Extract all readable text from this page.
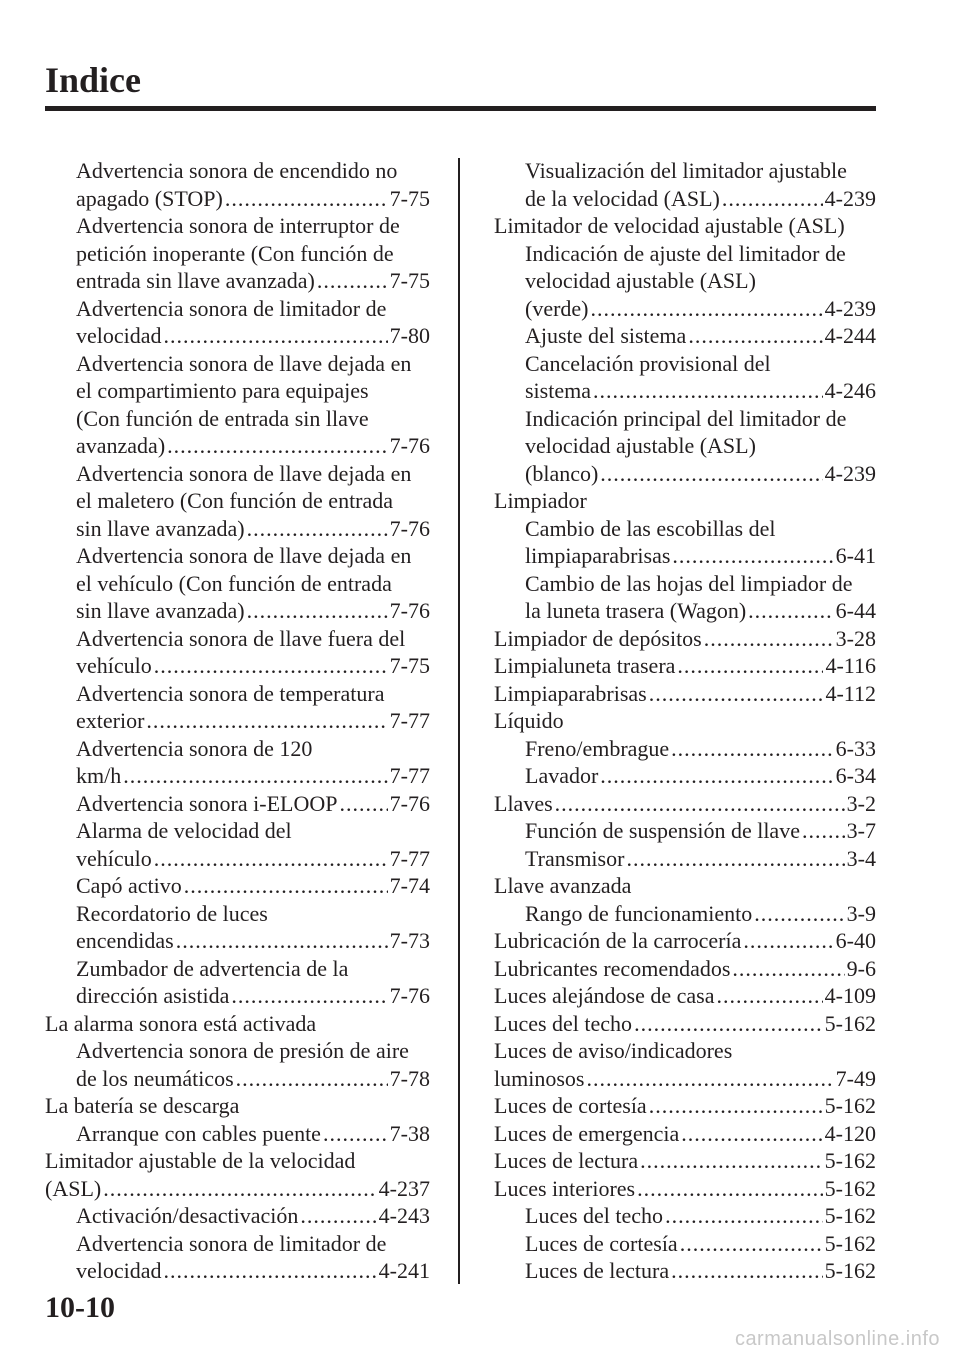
Indice
Advertencia sonora de encendido no
apagado (STOP) .....	7-75
Advertencia sonora de interruptor de
petición inoperante (Con función de
entrada sin llave avanzada) .....	7-75
Advertencia sonora de limitador de
velocidad .....	7-80
Advertencia sonora de llave dejada en
el compartimiento para equipajes
(Con función de entrada sin llave
avanzada) .....	7-76
Advertencia sonora de llave dejada en
el maletero (Con función de entrada
sin llave avanzada) .....	7-76
Advertencia sonora de llave dejada en
el vehículo (Con función de entrada
sin llave avanzada) .....	7-76
Advertencia sonora de llave fuera del
vehículo .....	7-75
Advertencia sonora de temperatura
exterior .....	7-77
Advertencia sonora de 120
km/h .....	7-77
Advertencia sonora i-ELOOP ..... 7-76
Alarma de velocidad del
vehículo .....	7-77
Capó activo .....	7-74
Recordatorio de luces
encendidas .....	7-73
Zumbador de advertencia de la
dirección asistida .....	7-76
La alarma sonora está activada
Advertencia sonora de presión de aire
de los neumáticos .....	7-78
La batería se descarga
Arranque con cables puente .....	7-38
Limitador ajustable de la velocidad
(ASL) .....	4-237
Activación/desactivación .....	4-243
Advertencia sonora de limitador de
velocidad .....	4-241
Visualización del limitador ajustable
de la velocidad (ASL) .....	4-239
Limitador de velocidad ajustable (ASL)
Indicación de ajuste del limitador de
velocidad ajustable (ASL)
(verde) .....	4-239
Ajuste del sistema .....	4-244
Cancelación provisional del
sistema .....	4-246
Indicación principal del limitador de
velocidad ajustable (ASL)
(blanco) .....	4-239
Limpiador
Cambio de las escobillas del
limpiaparabrisas .....	6-41
Cambio de las hojas del limpiador de
la luneta trasera (Wagon) .....	6-44
Limpiador de depósitos .....	3-28
Limpialuneta trasera .....	4-116
Limpiaparabrisas .....	4-112
Líquido
Freno/embrague .....	6-33
Lavador .....	6-34
Llaves .....	3-2
Función de suspensión de llave ..... 3-7
Transmisor .....	3-4
Llave avanzada
Rango de funcionamiento .....	3-9
Lubricación de la carrocería .....	6-40
Lubricantes recomendados .....	9-6
Luces alejándose de casa .....	4-109
Luces del techo .....	5-162
Luces de aviso/indicadores
luminosos .....	7-49
Luces de cortesía .....	5-162
Luces de emergencia .....	4-120
Luces de lectura .....	5-162
Luces interiores .....	5-162
Luces del techo .....	5-162
Luces de cortesía .....	5-162
Luces de lectura .....	5-162
10-10
carmanualsonline.info
